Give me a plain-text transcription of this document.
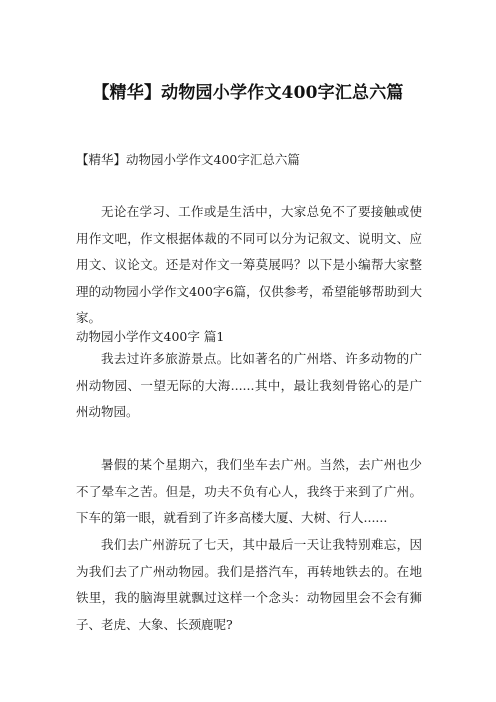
【精华】动物园小学作文400字汇总六篇

【精华】动物园小学作文400字汇总六篇

无论在学习、工作或是生活中，大家总免不了要接触或使用作文吧，作文根据体裁的不同可以分为记叙文、说明文、应用文、议论文。还是对作文一筹莫展吗？以下是小编帮大家整理的动物园小学作文400字6篇，仅供参考，希望能够帮助到大家。

动物园小学作文400字 篇1

我去过许多旅游景点。比如著名的广州塔、许多动物的广州动物园、一望无际的大海......其中，最让我刻骨铭心的是广州动物园。

暑假的某个星期六，我们坐车去广州。当然，去广州也少不了晕车之苦。但是，功夫不负有心人，我终于来到了广州。下车的第一眼，就看到了许多高楼大厦、大树、行人......

我们去广州游玩了七天，其中最后一天让我特别难忘，因为我们去了广州动物园。我们是搭汽车，再转地铁去的。在地铁里，我的脑海里就飘过这样一个念头：动物园里会不会有狮子、老虎、大象、长颈鹿呢?
